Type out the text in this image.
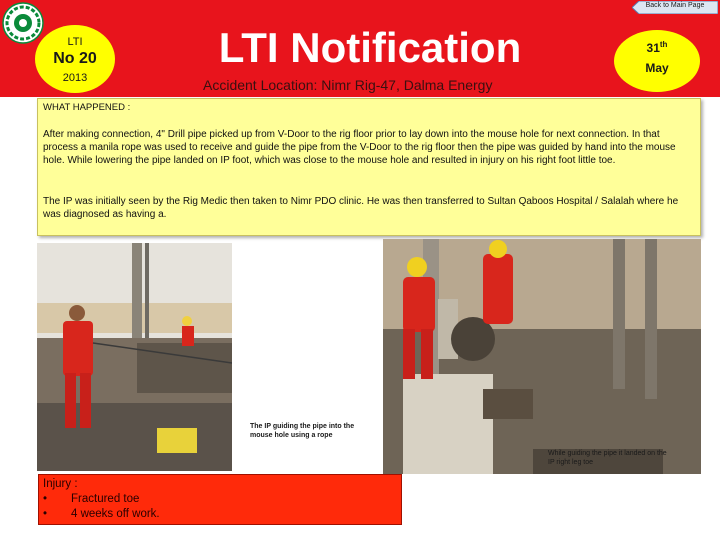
Back to Main Page
LTI
No 20
2013
LTI Notification
Accident Location: Nimr Rig-47, Dalma Energy
31th
May
WHAT HAPPENED :
After making connection, 4" Drill pipe picked up from V-Door to the rig floor prior to lay down into the mouse hole for next connection. In that process a manila rope was used to receive and guide the pipe from the V-Door to the rig floor then the pipe was guided by hand into the mouse hole. While lowering the pipe landed on IP foot, which was close to the mouse hole and resulted in injury on his right foot little toe.
The IP was initially seen by the Rig Medic then taken to Nimr PDO clinic. He was then transferred to Sultan Qaboos Hospital / Salalah where he was diagnosed as having a.
The IP guiding the pipe into the mouse hole using a rope
While guiding the pipe it landed on the IP right leg toe
Injury :
• Fractured toe
• 4 weeks off work.
